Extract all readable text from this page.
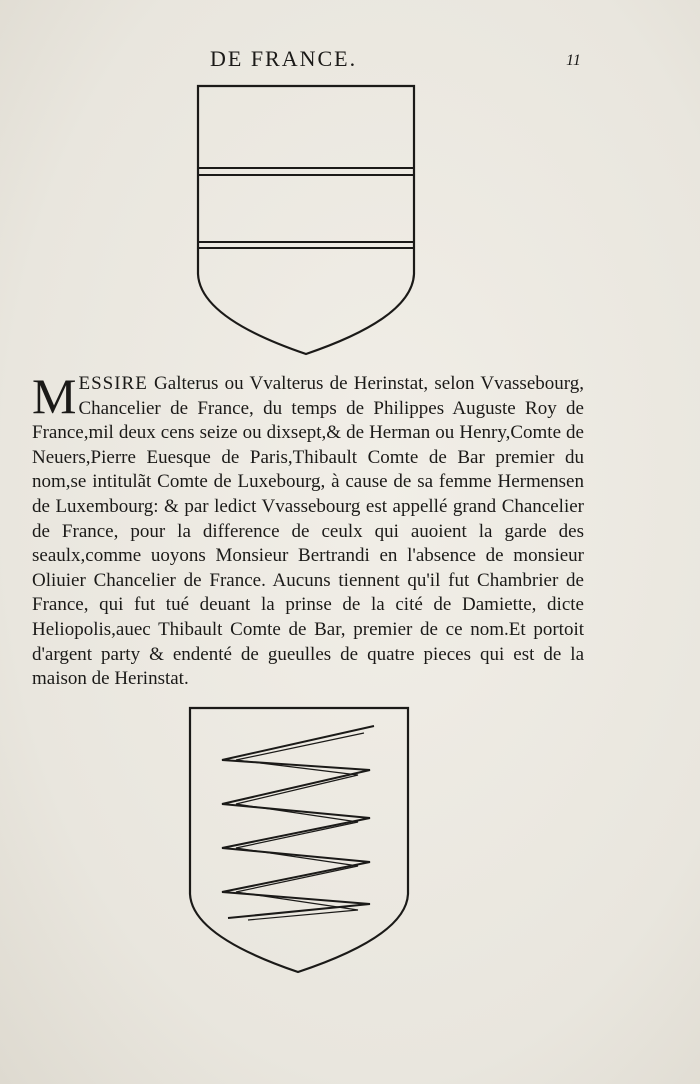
DE FRANCE.	11
MESSIRE Galterus ou Vvalterus de Herinstat, selon Vvassebourg, Chancelier de France, du temps de Philippes Auguste Roy de France,mil deux cens seize ou dixsept,& de Herman ou Henry,Comte de Neuers,Pierre Euesque de Paris,Thibault Comte de Bar premier du nom,se intitulãt Comte de Luxebourg, à cause de sa femme Hermensen de Luxembourg: & par ledict Vvassebourg est appellé grand Chancelier de France, pour la difference de ceulx qui auoient la garde des seaulx,comme uoyons Monsieur Bertrandi en l'absence de monsieur Oliuier Chancelier de France. Aucuns tiennent qu'il fut Chambrier de France, qui fut tué deuant la prinse de la cité de Damiette, dicte Heliopolis,auec Thibault Comte de Bar, premier de ce nom.Et portoit d'argent party & endenté de gueulles de quatre pieces qui est de la maison de Herinstat.
